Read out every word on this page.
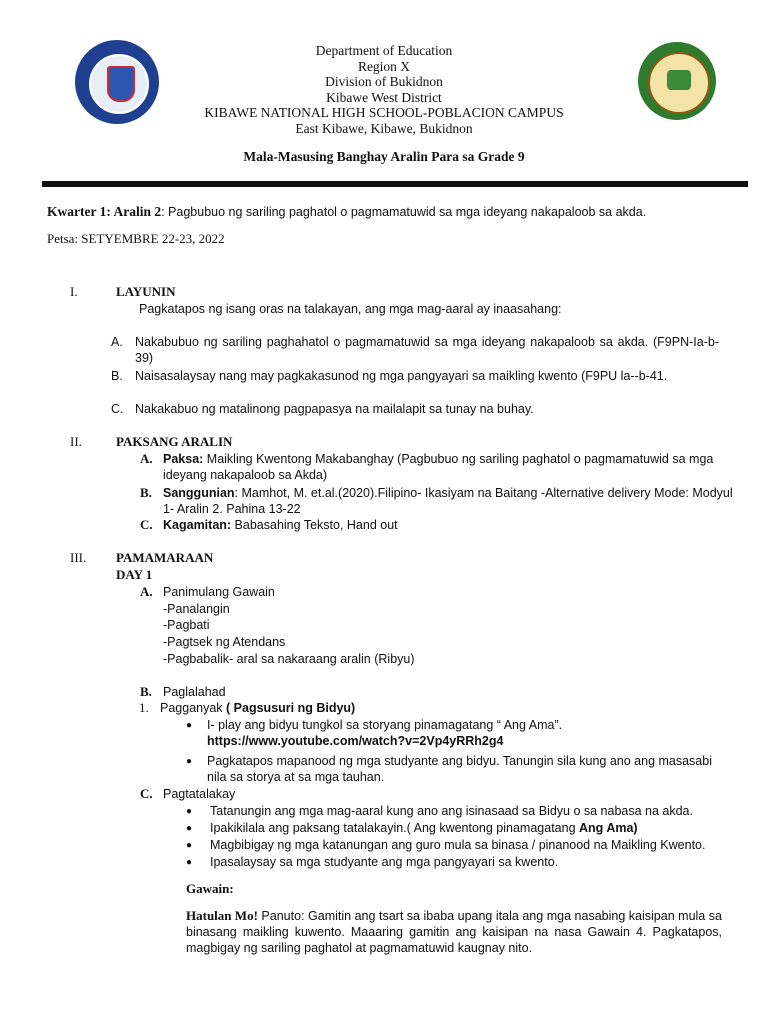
Department of Education
Region X
Division of Bukidnon
Kibawe West District
KIBAWE NATIONAL HIGH SCHOOL-POBLACION CAMPUS
East Kibawe, Kibawe, Bukidnon
Mala-Masusing Banghay Aralin Para sa Grade 9
Kwarter 1: Aralin 2: Pagbubuo ng sariling paghatol o pagmamatuwid sa mga ideyang nakapaloob sa akda.
Petsa: SETYEMBRE 22-23, 2022
I.	LAYUNIN
Pagkatapos ng isang oras na talakayan, ang mga mag-aaral ay inaasahang:
A. Nakabubuo ng sariling paghahatol o pagmamatuwid sa mga ideyang nakapaloob sa akda. (F9PN-Ia-b-39)
B. Naisasalaysay nang may pagkakasunod ng mga pangyayari sa maikling kwento (F9PU la--b-41.
C. Nakakabuo ng matalinong pagpapasya na mailalapit sa tunay na buhay.
II.	PAKSANG ARALIN
A. Paksa: Maikling Kwentong Makabanghay (Pagbubuo ng sariling paghatol o pagmamatuwid sa mga ideyang nakapaloob sa Akda)
B. Sanggunian: Mamhot, M. et.al.(2020).Filipino- Ikasiyam na Baitang -Alternative delivery Mode: Modyul 1- Aralin 2. Pahina 13-22
C. Kagamitan: Babasahing Teksto, Hand out
III. PAMAMARAAN
DAY 1
A. Panimulang Gawain
-Panalangin
-Pagbati
-Pagtsek ng Atendans
-Pagbabalik- aral sa nakaraang aralin (Ribyu)
B. Paglalahad
1. Pagganyak ( Pagsusuri ng Bidyu)
● I- play ang bidyu tungkol sa storyang pinamagatang “ Ang Ama”.
https://www.youtube.com/watch?v=2Vp4yRRh2g4
● Pagkatapos mapanood ng mga studyante ang bidyu. Tanungin sila kung ano ang masasabi nila sa storya at sa mga tauhan.
C. Pagtatalakay
● Tatanungin ang mga mag-aaral kung ano ang isinasaad sa Bidyu o sa nabasa na akda.
● Ipakikilala ang paksang tatalakayin.( Ang kwentong pinamagatang Ang Ama)
● Magbibigay ng mga katanungan ang guro mula sa binasa / pinanood na Maikling Kwento.
● Ipasalaysay sa mga studyante ang mga pangyayari sa kwento.
Gawain:
Hatulan Mo! Panuto: Gamitin ang tsart sa ibaba upang itala ang mga nasabing kaisipan mula sa binasang maikling kuwento. Maaaring gamitin ang kaisipan na nasa Gawain 4. Pagkatapos, magbigay ng sariling paghatol at pagmamatuwid kaugnay nito.
